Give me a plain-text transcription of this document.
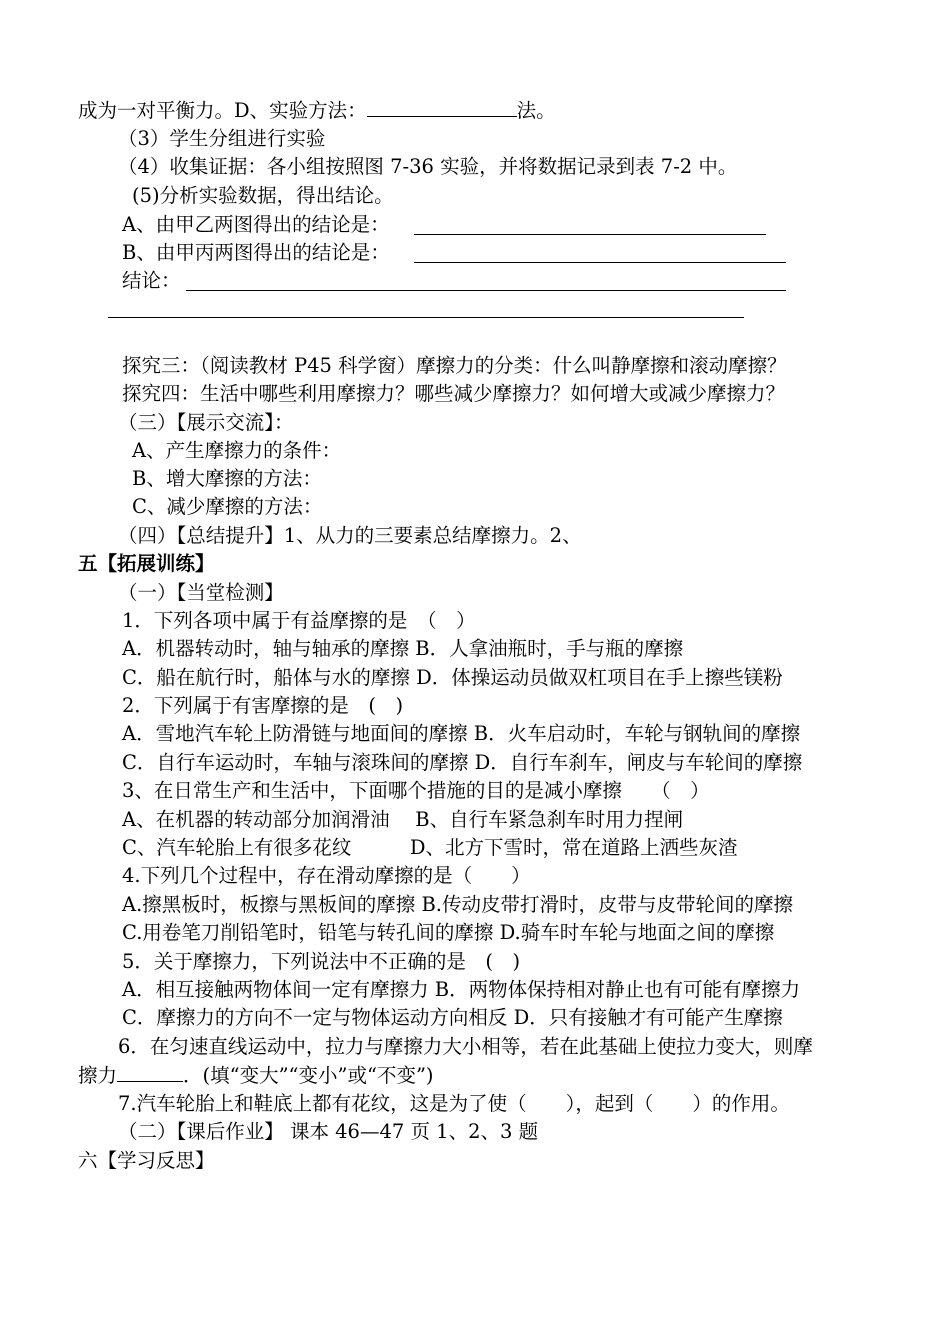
成为一对平衡力。D、实验方法：	法。
（3）学生分组进行实验
（4）收集证据：各小组按照图 7-36 实验，并将数据记录到表 7-2 中。
(5)分析实验数据，得出结论。
A、由甲乙两图得出的结论是：
B、由甲丙两图得出的结论是：
结论：
探究三：（阅读教材 P45 科学窗）摩擦力的分类：什么叫静摩擦和滚动摩擦？
探究四：生活中哪些利用摩擦力？哪些减少摩擦力？如何增大或减少摩擦力？
（三）【展示交流】：
A、产生摩擦力的条件：
B、增大摩擦的方法：
C、减少摩擦的方法：
（四）【总结提升】1、从力的三要素总结摩擦力。2、
五【拓展训练】
（一）【当堂检测】
1．下列各项中属于有益摩擦的是　（　）
A．机器转动时，轴与轴承的摩擦 B．人拿油瓶时，手与瓶的摩擦
C．船在航行时，船体与水的摩擦 D．体操运动员做双杠项目在手上擦些镁粉
2．下列属于有害摩擦的是　(　)
A．雪地汽车轮上防滑链与地面间的摩擦 B．火车启动时，车轮与钢轨间的摩擦
C．自行车运动时，车轴与滚珠间的摩擦 D．自行车刹车，闸皮与车轮间的摩擦
3、在日常生产和生活中，下面哪个措施的目的是减小摩擦　　（　）
A、在机器的转动部分加润滑油　 B、自行车紧急刹车时用力捏闸
C、汽车轮胎上有很多花纹　　　D、北方下雪时，常在道路上洒些灰渣
4.下列几个过程中，存在滑动摩擦的是（　　）
A.擦黑板时，板擦与黑板间的摩擦 B.传动皮带打滑时，皮带与皮带轮间的摩擦
C.用卷笔刀削铅笔时，铅笔与转孔间的摩擦 D.骑车时车轮与地面之间的摩擦
5．关于摩擦力，下列说法中不正确的是　(　)
A．相互接触两物体间一定有摩擦力 B．两物体保持相对静止也有可能有摩擦力
C．摩擦力的方向不一定与物体运动方向相反 D．只有接触才有可能产生摩擦
6．在匀速直线运动中，拉力与摩擦力大小相等，若在此基础上使拉力变大，则摩
擦力	．(填“变大”“变小”或“不变”)
7.汽车轮胎上和鞋底上都有花纹，这是为了使（　　），起到（　　）的作用。
（二）【课后作业】 课本 46—47 页 1、2、3 题
六【学习反思】
